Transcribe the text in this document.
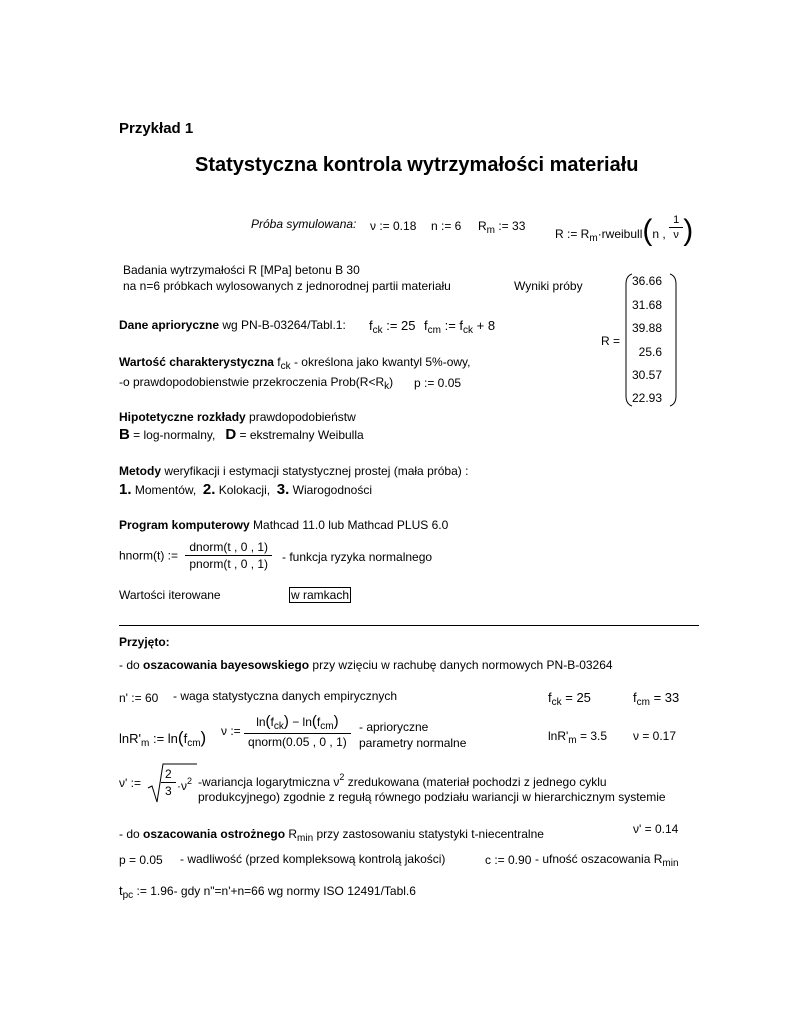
Przykład 1
Statystyczna kontrola wytrzymałości materiału
Próba symulowana: ν := 0.18 n := 6 $R_m$ := 33
R := $R_m\cdot rweibull(n$ , $\frac{1}{\nu}$ )
Badania wytrzymałości R [MPa] betonu B 30
na n=6 próbkach wylosowanych z jednorodnej partii materiału	Wyniki próby
R =
36.66
31.68
39.88
25.6
30.57
22.93
Dane aprioryczne wg PN-B-03264/Tabl.1: $f_{ck}$ := 25 $f_{cm}$ := $f_{ck} + 8$
Wartość charakterystyczna $f_{ck}$ - określona jako kwantyl 5%-owy,
-o prawdopodobienstwie przekroczenia $Prob(R<R_k)$ p := 0.05
Hipotetyczne rozkłady prawdopodobieństw
B = log-normalny, D = ekstremalny Weibulla
Metody weryfikacji i estymacji statystycznej prostej (mała próba) :
1. Momentów, 2. Kolokacji, 3. Wiarogodności
Program komputerowy Mathcad 11.0 lub Mathcad PLUS 6.0
hnorm(t) := $\frac{\text{dnorm(t , 0 , 1)}}{\text{pnorm(t , 0 , 1)}}$ - funkcja ryzyka normalnego
Wartości iterowane	w ramkach
Przyjęto:
- do oszacowania bayesowskiego przy wzięciu w rachubę danych normowych PN-B-03264
n' := 60 - waga statystyczna danych empirycznych	$f_{ck} = 25$	$f_{cm} = 33$
$\ln R'_m$ := $\ln(f_{cm})$ ν := $\frac{\ln(f_{ck}) - \ln(f_{cm})}{\text{qnorm(0.05 , 0 , 1)}}$ - aprioryczne
parametry normalne	$\ln R'_m = 3.5$ ν = 0.17
ν' := $\frac{2}{3} \cdot\nu^2$ -wariancja logarytmiczna $\nu^2$ zredukowana (materiał pochodzi z jednego cyklu
produkcyjnego) zgodnie z regułą równego podziału wariancji w hierarchicznym systemie
ν' = 0.14
- do oszacowania ostrożnego $R_{min}$ przy zastosowaniu statystyki t-niecentralne
p = 0.05 - wadliwość (przed kompleksową kontrolą jakości)	c := 0.90 - ufność oszacowania $R_{min}$
$t_{pc}$ := 1.96- gdy n"=n'+n=66 wg normy ISO 12491/Tabl.6
